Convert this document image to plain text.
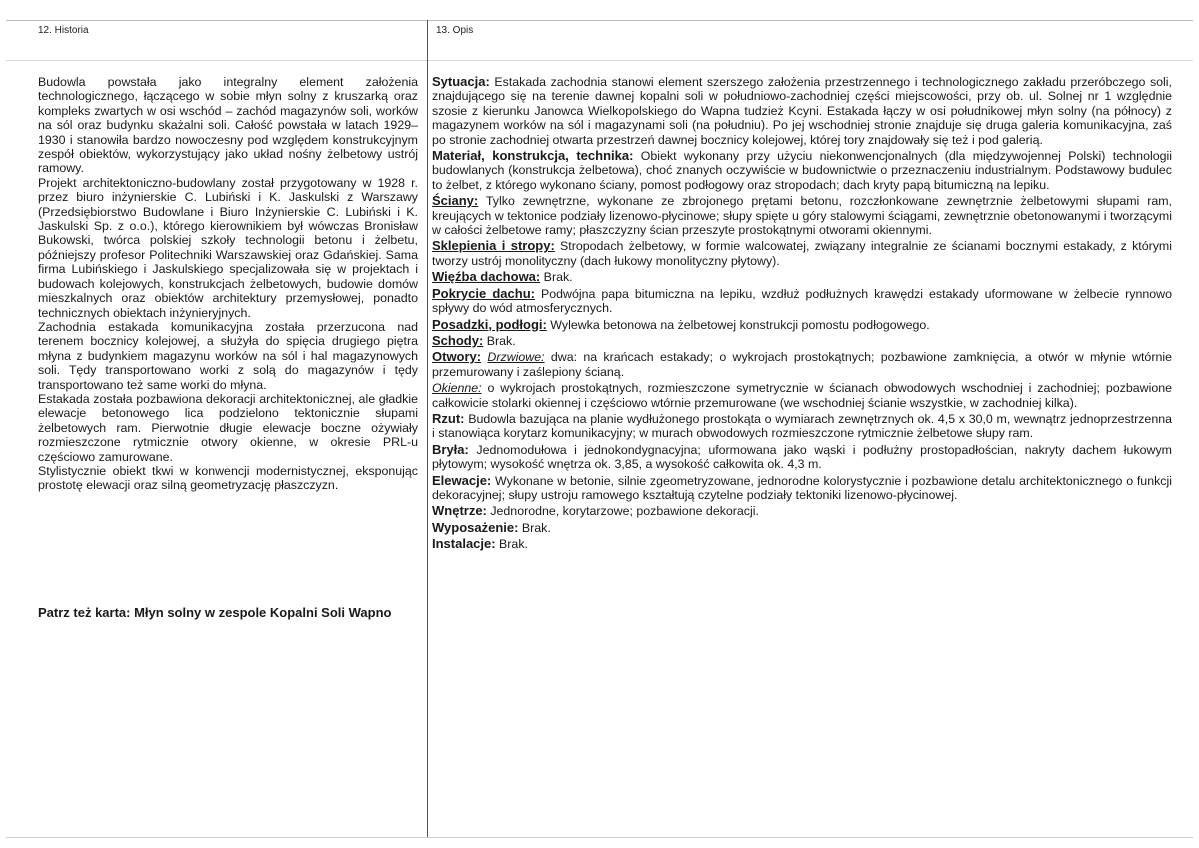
12. Historia	13. Opis

Budowla powstała jako integralny element założenia technologicznego, łączącego w sobie młyn solny z kruszarką oraz kompleks zwartych w osi wschód – zachód magazynów soli, worków na sól oraz budynku skażalni soli. Całość powstała w latach 1929–1930 i stanowiła bardzo nowoczesny pod względem konstrukcyjnym zespół obiektów, wykorzystujący jako układ nośny żelbetowy ustrój ramowy.

Projekt architektoniczno-budowlany został przygotowany w 1928 r. przez biuro inżynierskie C. Lubiński i K. Jaskulski z Warszawy (Przedsiębiorstwo Budowlane i Biuro Inżynierskie C. Lubiński i K. Jaskulski Sp. z o.o.), którego kierownikiem był wówczas Bronisław Bukowski, twórca polskiej szkoły technologii betonu i żelbetu, późniejszy profesor Politechniki Warszawskiej oraz Gdańskiej. Sama firma Lubińskiego i Jaskulskiego specjalizowała się w projektach i budowach kolejowych, konstrukcjach żelbetowych, budowie domów mieszkalnych oraz obiektów architektury przemysłowej, ponadto technicznych obiektach inżynieryjnych.

Zachodnia estakada komunikacyjna została przerzucona nad terenem bocznicy kolejowej, a służyła do spięcia drugiego piętra młyna z budynkiem magazynu worków na sól i hal magazynowych soli. Tędy transportowano worki z solą do magazynów i tędy transportowano też same worki do młyna.

Estakada została pozbawiona dekoracji architektonicznej, ale gładkie elewacje betonowego lica podzielono tektonicznie słupami żelbetowych ram. Pierwotnie długie elewacje boczne ożywiały rozmieszczone rytmicznie otwory okienne, w okresie PRL-u częściowo zamurowane.

Stylistycznie obiekt tkwi w konwencji modernistycznej, eksponując prostotę elewacji oraz silną geometryzację płaszczyzn.

Patrz też karta: Młyn solny w zespole Kopalni Soli Wapno

Sytuacja: Estakada zachodnia stanowi element szerszego założenia przestrzennego i technologicznego zakładu przeróbczego soli, znajdującego się na terenie dawnej kopalni soli w południowo-zachodniej części miejscowości, przy ob. ul. Solnej nr 1 względnie szosie z kierunku Janowca Wielkopolskiego do Wapna tudzież Kcyni. Estakada łączy w osi południkowej młyn solny (na północy) z magazynem worków na sól i magazynami soli (na południu). Po jej wschodniej stronie znajduje się druga galeria komunikacyjna, zaś po stronie zachodniej otwarta przestrzeń dawnej bocznicy kolejowej, której tory znajdowały się też i pod galerią.

Materiał, konstrukcja, technika: Obiekt wykonany przy użyciu niekonwencjonalnych (dla międzywojennej Polski) technologii budowlanych (konstrukcja żelbetowa), choć znanych oczywiście w budownictwie o przeznaczeniu industrialnym. Podstawowy budulec to żelbet, z którego wykonano ściany, pomost podłogowy oraz stropodach; dach kryty papą bitumiczną na lepiku.

Ściany: Tylko zewnętrzne, wykonane ze zbrojonego prętami betonu, rozczłonkowane zewnętrznie żelbetowymi słupami ram, kreujących w tektonice podziały lizenowo-płycinowe; słupy spięte u góry stalowymi ściągami, zewnętrznie obetonowanymi i tworzącymi w całości żelbetowe ramy; płaszczyzny ścian przeszyte prostokątnymi otworami okiennymi.

Sklepienia i stropy: Stropodach żelbetowy, w formie walcowatej, związany integralnie ze ścianami bocznymi estakady, z którymi tworzy ustrój monolityczny (dach łukowy monolityczny płytowy).

Więźba dachowa: Brak.

Pokrycie dachu: Podwójna papa bitumiczna na lepiku, wzdłuż podłużnych krawędzi estakady uformowane w żelbecie rynnowo spływy do wód atmosferycznych.

Posadzki, podłogi: Wylewka betonowa na żelbetowej konstrukcji pomostu podłogowego.

Schody: Brak.

Otwory: Drzwiowe: dwa: na krańcach estakady; o wykrojach prostokątnych; pozbawione zamknięcia, a otwór w młynie wtórnie przemurowany i zaślepiony ścianą.

Okienne: o wykrojach prostokątnych, rozmieszczone symetrycznie w ścianach obwodowych wschodniej i zachodniej; pozbawione całkowicie stolarki okiennej i częściowo wtórnie przemurowane (we wschodniej ścianie wszystkie, w zachodniej kilka).

Rzut: Budowla bazująca na planie wydłużonego prostokąta o wymiarach zewnętrznych ok. 4,5 x 30,0 m, wewnątrz jednoprzestrzenna i stanowiąca korytarz komunikacyjny; w murach obwodowych rozmieszczone rytmicznie żelbetowe słupy ram.

Bryła: Jednomodułowa i jednokondygnacyjna; uformowana jako wąski i podłużny prostopadłościan, nakryty dachem łukowym płytowym; wysokość wnętrza ok. 3,85, a wysokość całkowita ok. 4,3 m.

Elewacje: Wykonane w betonie, silnie zgeometryzowane, jednorodne kolorystycznie i pozbawione detalu architektonicznego o funkcji dekoracyjnej; słupy ustroju ramowego kształtują czytelne podziały tektoniki lizenowo-płycinowej.

Wnętrze: Jednorodne, korytarzowe; pozbawione dekoracji.

Wyposażenie: Brak.

Instalacje: Brak.
